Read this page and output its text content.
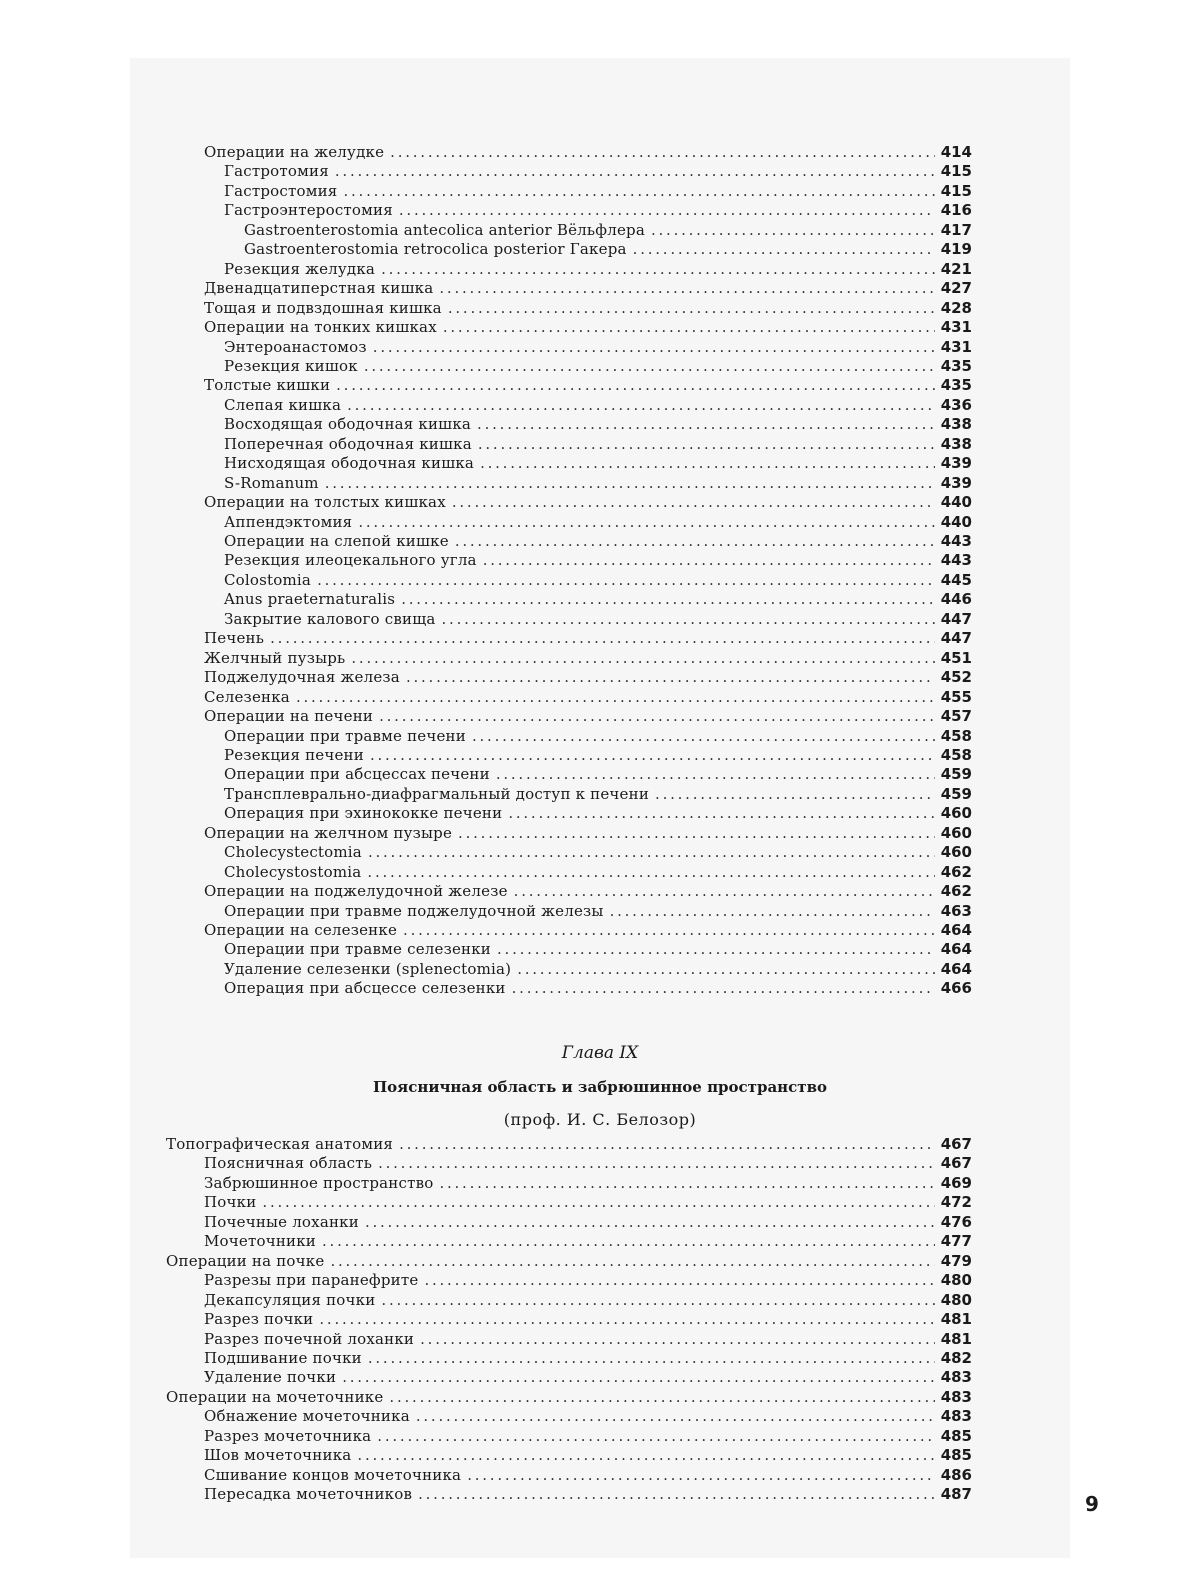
Операции на желудке . . .	414
Гастротомия . . .	415
Гастростомия . . .	415
Гастроэнтеростомия . . .	416
Gastroenterostomia antecolica anterior Вёльфлера . . .	417
Gastroenterostomia retrocolica posterior Гакера . . .	419
Резекция желудка . . .	421
Двенадцатиперстная кишка . . .	427
Тощая и подвздошная кишка . . .	428
Операции на тонких кишках . . .	431
Энтероанастомоз . . .	431
Резекция кишок . . .	435
Толстые кишки . . .	435
Слепая кишка . . .	436
Восходящая ободочная кишка . . .	438
Поперечная ободочная кишка . . .	438
Нисходящая ободочная кишка . . .	439
S-Romanum . . .	439
Операции на толстых кишках . . .	440
Аппендэктомия . . .	440
Операции на слепой кишке . . .	443
Резекция илеоцекального угла . . .	443
Colostomia . . .	445
Anus praeternaturalis . . .	446
Закрытие калового свища . . .	447
Печень . . .	447
Желчный пузырь . . .	451
Поджелудочная железа . . .	452
Селезенка . . .	455
Операции на печени . . .	457
Операции при травме печени . . .	458
Резекция печени . . .	458
Операции при абсцессах печени . . .	459
Транcплеврально-диафрагмальный доступ к печени . . .	459
Операция при эхинококке печени . . .	460
Операции на желчном пузыре . . .	460
Cholecystectomia . . .	460
Cholecystostomia . . .	462
Операции на поджелудочной железе . . .	462
Операции при травме поджелудочной железы . . .	463
Операции на селезенке . . .	464
Операции при травме селезенки . . .	464
Удаление селезенки (splenectomia) . . .	464
Операция при абсцессе селезенки . . .	466
Глава IX
Поясничная область и забрюшинное пространство
(проф. И. С. Белозор)
Топографическая анатомия . . .	467
Поясничная область . . .	467
Забрюшинное пространство . . .	469
Почки . . .	472
Почечные лоханки . . .	476
Мочеточники . . .	477
Операции на почке . . .	479
Разрезы при паранефрите . . .	480
Декапсуляция почки . . .	480
Разрез почки . . .	481
Разрез почечной лоханки . . .	481
Подшивание почки . . .	482
Удаление почки . . .	483
Операции на мочеточнике . . .	483
Обнажение мочеточника . . .	483
Разрез мочеточника . . .	485
Шов мочеточника . . .	485
Сшивание концов мочеточника . . .	486
Пересадка мочеточников . . .	487	9
